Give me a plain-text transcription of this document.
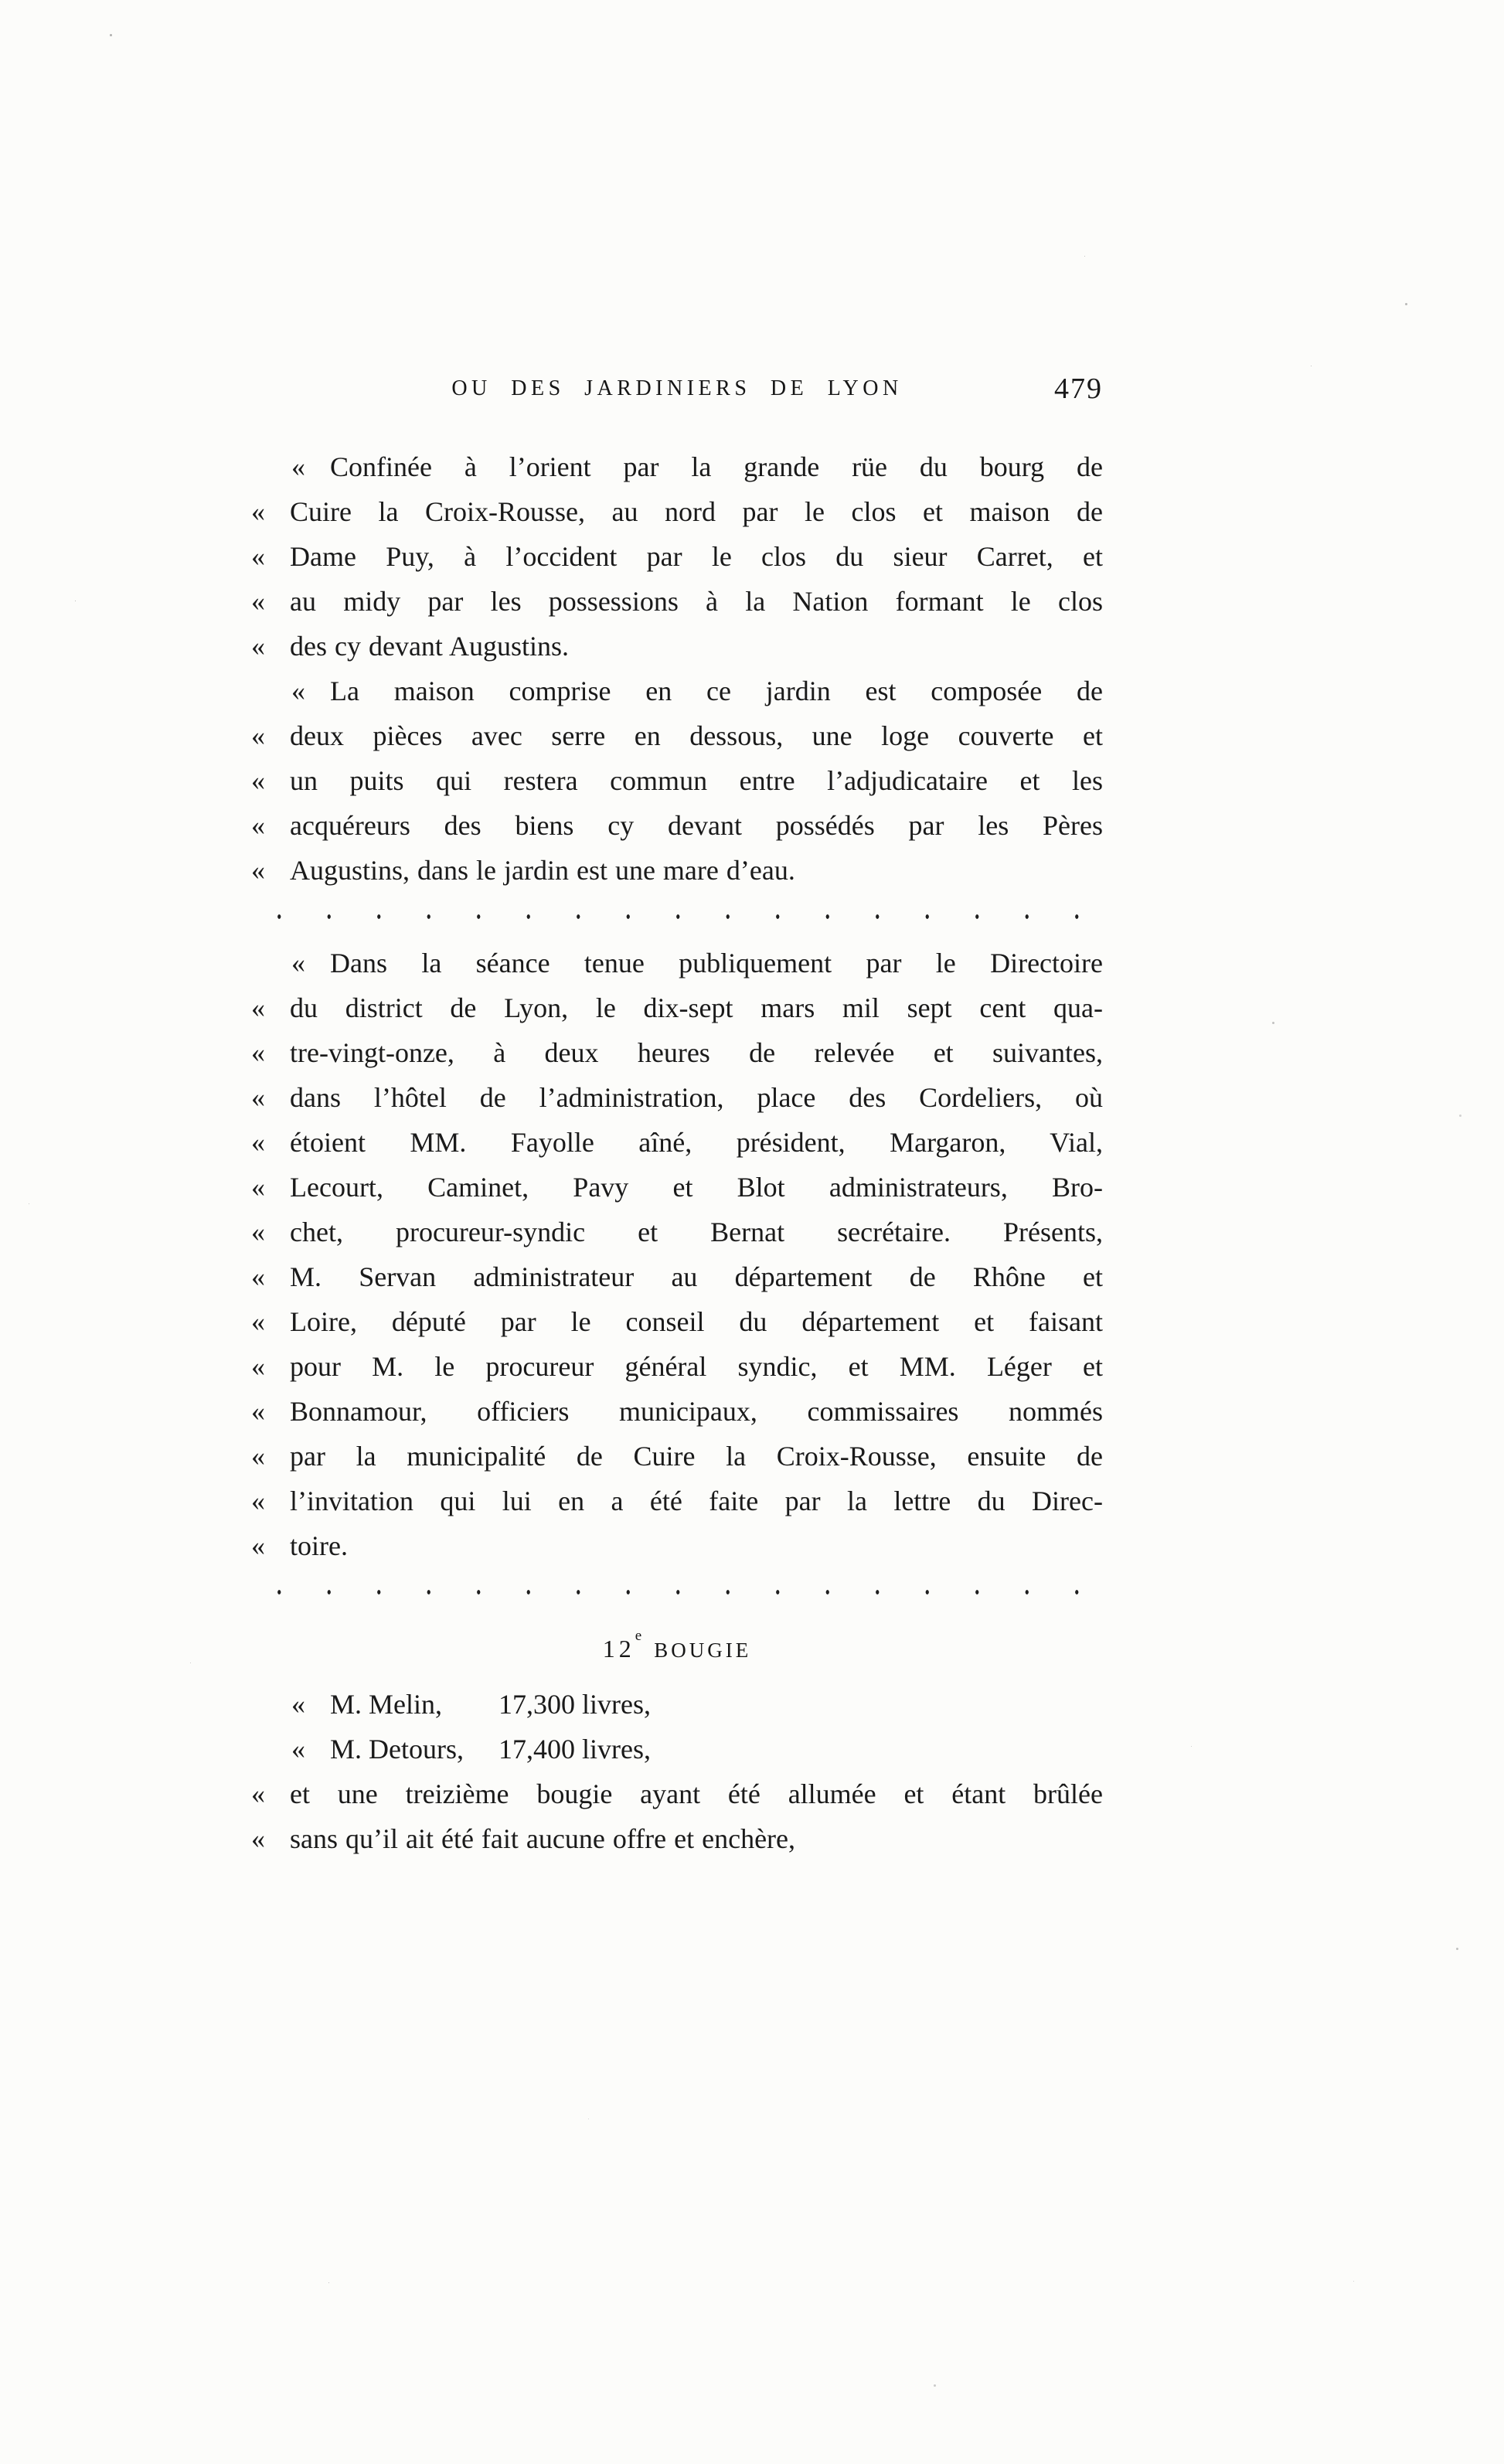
OU DES JARDINIERS DE LYON	479
« Confinée à l’orient par la grande rüe du bourg de
« Cuire la Croix-Rousse, au nord par le clos et maison de
« Dame Puy, à l’occident par le clos du sieur Carret, et
« au midy par les possessions à la Nation formant le clos
« des cy devant Augustins.
« La maison comprise en ce jardin est composée de
« deux pièces avec serre en dessous, une loge couverte et
« un puits qui restera commun entre l’adjudicataire et les
« acquéreurs des biens cy devant possédés par les Pères
« Augustins, dans le jardin est une mare d’eau.
« Dans la séance tenue publiquement par le Directoire
« du district de Lyon, le dix-sept mars mil sept cent qua-
« tre-vingt-onze, à deux heures de relevée et suivantes,
« dans l’hôtel de l’administration, place des Cordeliers, où
« étoient MM. Fayolle aîné, président, Margaron, Vial,
« Lecourt, Caminet, Pavy et Blot administrateurs, Bro-
« chet, procureur-syndic et Bernat secrétaire. Présents,
« M. Servan administrateur au département de Rhône et
« Loire, député par le conseil du département et faisant
« pour M. le procureur général syndic, et MM. Léger et
« Bonnamour, officiers municipaux, commissaires nommés
« par la municipalité de Cuire la Croix-Rousse, ensuite de
« l’invitation qui lui en a été faite par la lettre du Direc-
« toire.
12eBOUGIE
« M. Melin,	17,300 livres,
« M. Detours,	17,400 livres,
« et une treizième bougie ayant été allumée et étant brûlée
« sans qu’il ait été fait aucune offre et enchère,
